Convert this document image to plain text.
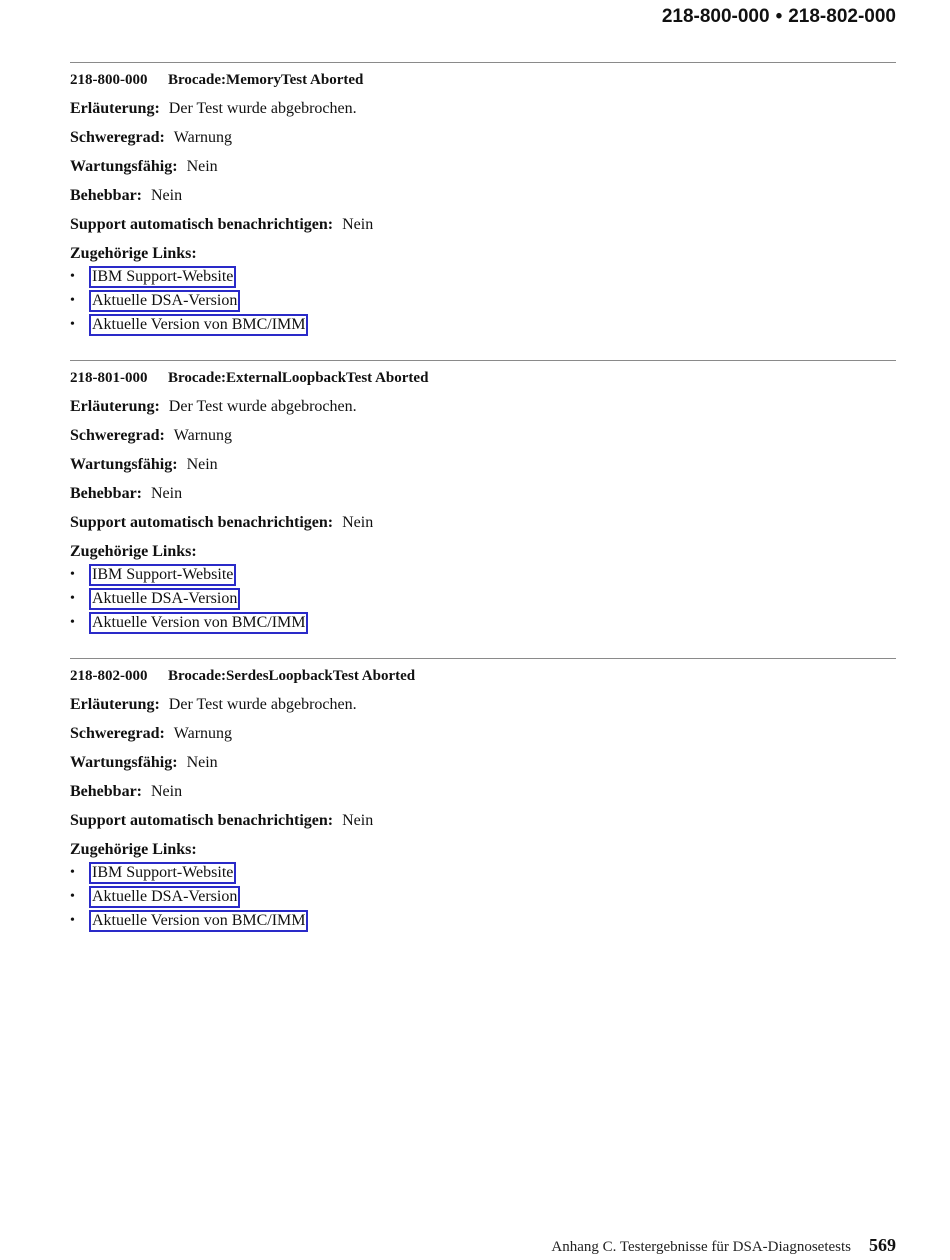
218-800-000 • 218-802-000
218-800-000 Brocade:MemoryTest Aborted
Erläuterung: Der Test wurde abgebrochen.
Schweregrad: Warnung
Wartungsfähig: Nein
Behebbar: Nein
Support automatisch benachrichtigen: Nein
Zugehörige Links:
• IBM Support-Website
• Aktuelle DSA-Version
• Aktuelle Version von BMC/IMM
218-801-000 Brocade:ExternalLoopbackTest Aborted
Erläuterung: Der Test wurde abgebrochen.
Schweregrad: Warnung
Wartungsfähig: Nein
Behebbar: Nein
Support automatisch benachrichtigen: Nein
Zugehörige Links:
• IBM Support-Website
• Aktuelle DSA-Version
• Aktuelle Version von BMC/IMM
218-802-000 Brocade:SerdesLoopbackTest Aborted
Erläuterung: Der Test wurde abgebrochen.
Schweregrad: Warnung
Wartungsfähig: Nein
Behebbar: Nein
Support automatisch benachrichtigen: Nein
Zugehörige Links:
• IBM Support-Website
• Aktuelle DSA-Version
• Aktuelle Version von BMC/IMM
Anhang C. Testergebnisse für DSA-Diagnosetests 569
